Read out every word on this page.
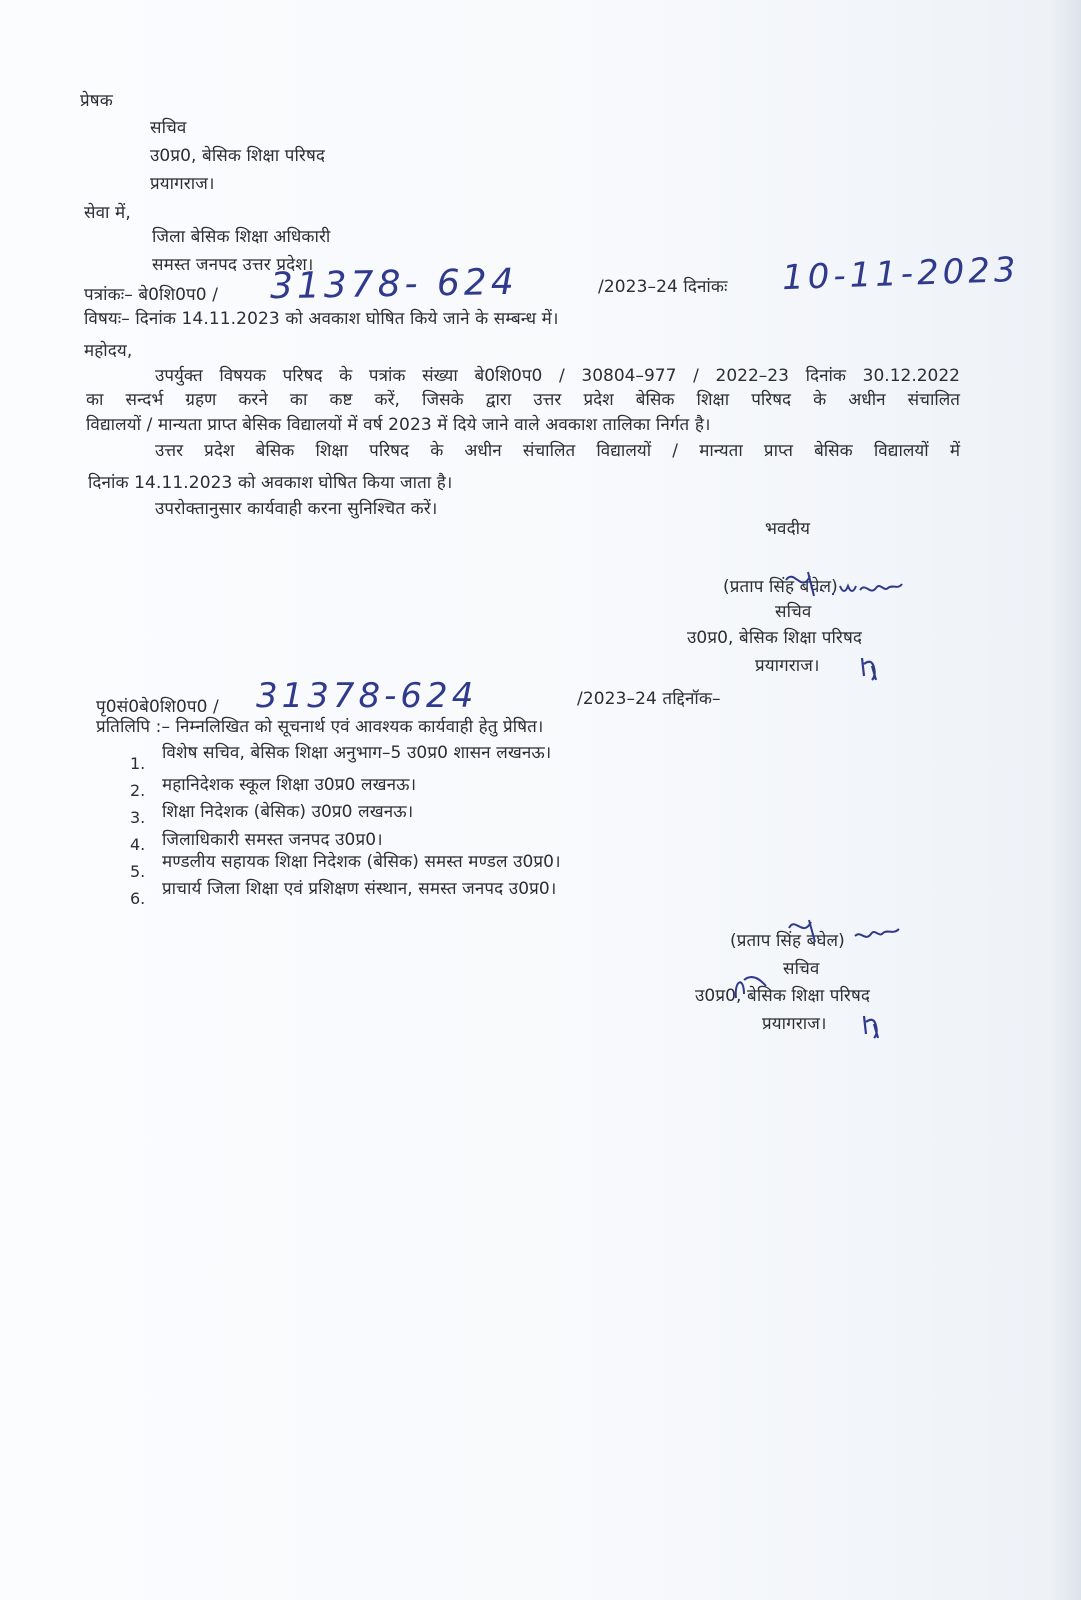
प्रेषक
सचिव
उ0प्र0, बेसिक शिक्षा परिषद
प्रयागराज।
सेवा में,
जिला बेसिक शिक्षा अधिकारी
समस्त जनपद उत्तर प्रदेश।
पत्रांकः– बे0शि0प0 / 31378- 624	/2023–24 दिनांकः 10-11-2023
विषयः– दिनांक 14.11.2023 को अवकाश घोषित किये जाने के सम्बन्ध में।
महोदय,
उपर्युक्त विषयक परिषद के पत्रांक संख्या बे0शि0प0 / 30804–977 / 2022–23 दिनांक 30.12.2022
का सन्दर्भ ग्रहण करने का कष्ट करें, जिसके द्वारा उत्तर प्रदेश बेसिक शिक्षा परिषद के अधीन संचालित
विद्यालयों / मान्यता प्राप्त बेसिक विद्यालयों में वर्ष 2023 में दिये जाने वाले अवकाश तालिका निर्गत है।
उत्तर प्रदेश बेसिक शिक्षा परिषद के अधीन संचालित विद्यालयों / मान्यता प्राप्त बेसिक विद्यालयों में
दिनांक 14.11.2023 को अवकाश घोषित किया जाता है।
उपरोक्तानुसार कार्यवाही करना सुनिश्चित करें।
भवदीय
(प्रताप सिंह बघेल)
सचिव
उ0प्र0, बेसिक शिक्षा परिषद
प्रयागराज।
पृ0सं0बे0शि0प0 / 31378-624	/2023–24 तद्दिनॉक–
प्रतिलिपि :– निम्नलिखित को सूचनार्थ एवं आवश्यक कार्यवाही हेतु प्रेषित।
1.
विशेष सचिव, बेसिक शिक्षा अनुभाग–5 उ0प्र0 शासन लखनऊ।
2. महानिदेशक स्कूल शिक्षा उ0प्र0 लखनऊ।
3. शिक्षा निदेशक (बेसिक) उ0प्र0 लखनऊ।
4. जिलाधिकारी समस्त जनपद उ0प्र0।
5. मण्डलीय सहायक शिक्षा निदेशक (बेसिक) समस्त मण्डल उ0प्र0।
6. प्राचार्य जिला शिक्षा एवं प्रशिक्षण संस्थान, समस्त जनपद उ0प्र0।
(प्रताप सिंह बघेल)
सचिव
उ0प्र0, बेसिक शिक्षा परिषद
प्रयागराज।
